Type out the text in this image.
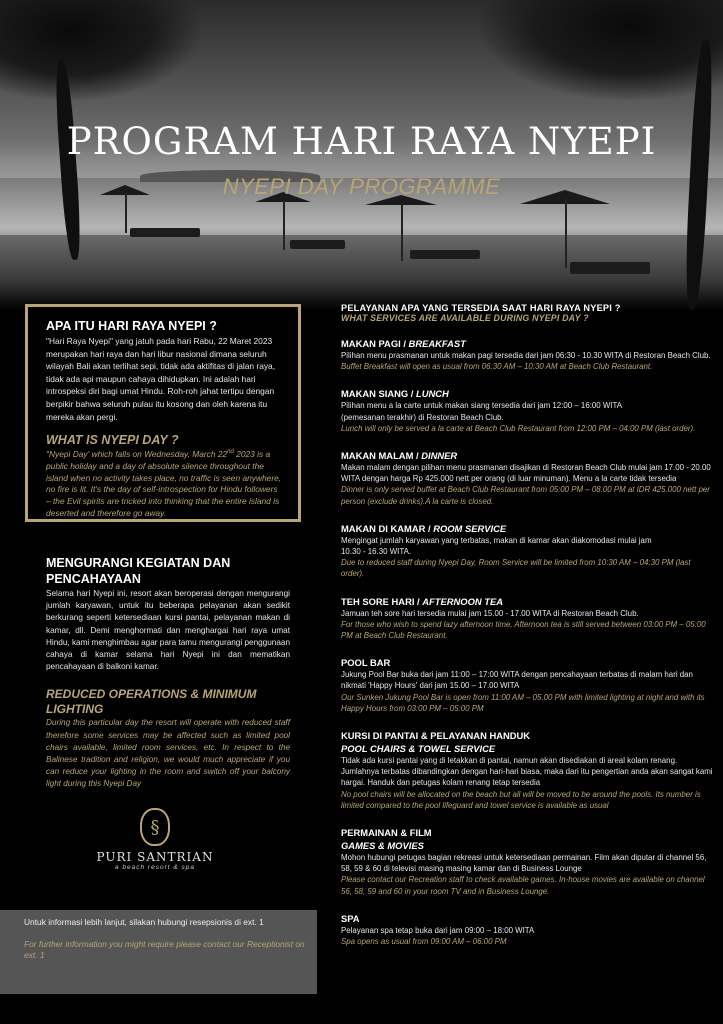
PROGRAM HARI RAYA NYEPI
NYEPI DAY PROGRAMME
APA ITU HARI RAYA NYEPI ?
"Hari Raya Nyepi" yang jatuh pada hari Rabu, 22 Maret 2023 merupakan hari raya dan hari libur nasional dimana seluruh wilayah Bali akan terlihat sepi, tidak ada aktifitas di jalan raya, tidak ada api maupun cahaya dihidupkan. Ini adalah hari introspeksi diri bagi umat Hindu. Roh-roh jahat tertipu dengan berpikir bahwa seluruh pulau itu kosong dan oleh karena itu mereka akan pergi.
WHAT IS NYEPI DAY ?
"Nyepi Day' which falls on Wednesday, March 22nd 2023 is a public holiday and a day of absolute silence throughout the island when no activity takes place, no traffic is seen anywhere, no fire is lit. It's the day of self-introspection for Hindu followers – the Evil spirits are tricked into thinking that the entire island is deserted and therefore go away.
MENGURANGI KEGIATAN DAN PENCAHAYAAN
Selama hari Nyepi ini, resort akan beroperasi dengan mengurangi jumlah karyawan, untuk itu beberapa pelayanan akan sedikit berkurang seperti ketersediaan kursi pantai, pelayanan makan di kamar, dll. Demi menghormati dan menghargai hari raya umat Hindu, kami menghimbau agar para tamu mengurangi penggunaan cahaya di kamar selama hari Nyepi ini dan mematikan pencahayaan di balkoni kamar.
REDUCED OPERATIONS & MINIMUM LIGHTING
During this particular day the resort will operate with reduced staff therefore some services may be affected such as limited pool chairs available, limited room services, etc. In respect to the Balinese tradition and religion, we would much appreciate if you can reduce your lighting in the room and switch off your balcony light during this Nyepi Day
§
PURI SANTRIAN
a beach resort & spa
Untuk informasi lebih lanjut, silakan hubungi resepsionis di ext. 1
For further information you might require please contact our Receptionist on ext. 1
PELAYANAN APA YANG TERSEDIA SAAT HARI RAYA NYEPI ?
WHAT SERVICES ARE AVAILABLE DURING NYEPI DAY ?
MAKAN PAGI / BREAKFAST
Pilihan menu prasmanan untuk makan pagi tersedia dari jam 06:30 - 10.30 WITA di Restoran Beach Club.
Buffet Breakfast will open as usual from 06:30 AM – 10:30 AM at Beach Club Restaurant.
MAKAN SIANG / LUNCH
Pilihan menu a la carte untuk makan siang tersedia dari jam 12:00 – 16:00 WITA (pemesanan terakhir) di Restoran Beach Club.
Lunch will only be served a la carte at Beach Club Restaurant from 12:00 PM – 04:00 PM (last order).
MAKAN MALAM / DINNER
Makan malam dengan pilihan menu prasmanan disajikan di Restoran Beach Club mulai jam 17.00 - 20.00 WITA dengan harga Rp 425.000 nett per orang (di luar minuman). Menu a la carte tidak tersedia
Dinner is only served buffet at Beach Club Restaurant from 05:00 PM – 08.00 PM at IDR 425.000 nett per person (exclude drinks).A la carte is closed.
MAKAN DI KAMAR / ROOM SERVICE
Mengingat jumlah karyawan yang terbatas, makan di kamar akan diakomodasi mulai jam 10.30 - 16.30 WITA.
Due to reduced staff during Nyepi Day, Room Service will be limited from 10:30 AM – 04:30 PM (last order).
TEH SORE HARI / AFTERNOON TEA
Jamuan teh sore hari tersedia mulai jam 15.00 - 17.00 WITA di Restoran Beach Club.
For those who wish to spend lazy afternoon time, Afternoon tea is still served between 03:00 PM – 05:00 PM at Beach Club Restaurant.
POOL BAR
Jukung Pool Bar buka dari jam 11:00 – 17:00 WITA dengan pencahayaan terbatas di malam hari dan nikmati 'Happy Hours' dari jam 15.00 – 17.00 WITA
Our Sunken Jukung Pool Bar is open from 11:00 AM – 05.00 PM with limited lighting at night and with its Happy Hours from 03:00 PM – 05:00 PM
KURSI DI PANTAI & PELAYANAN HANDUK
POOL CHAIRS & TOWEL SERVICE
Tidak ada kursi pantai yang di letakkan di pantai, namun akan disediakan di areal kolam renang. Jumlahnya terbatas dibandingkan dengan hari-hari biasa, maka dari itu pengertian anda akan sangat kami hargai. Handuk dan petugas kolam renang tetap tersedia
No pool chairs will be allocated on the beach but all will be moved to be around the pools. Its number is limited compared to the pool lifeguard and towel service is available as usual
PERMAINAN & FILM
GAMES & MOVIES
Mohon hubungi petugas bagian rekreasi untuk ketersediaan permainan. Film akan diputar di channel 56, 58, 59 & 60 di televisi masing masing kamar dan di Business Lounge
Please contact our Recreation staff to check available games. In-house movies are available on channel 56, 58, 59 and 60 in your room TV and in Business Lounge.
SPA
Pelayanan spa tetap buka dari jam 09:00 – 18:00 WITA
Spa opens as usual from 09:00 AM – 06:00 PM
